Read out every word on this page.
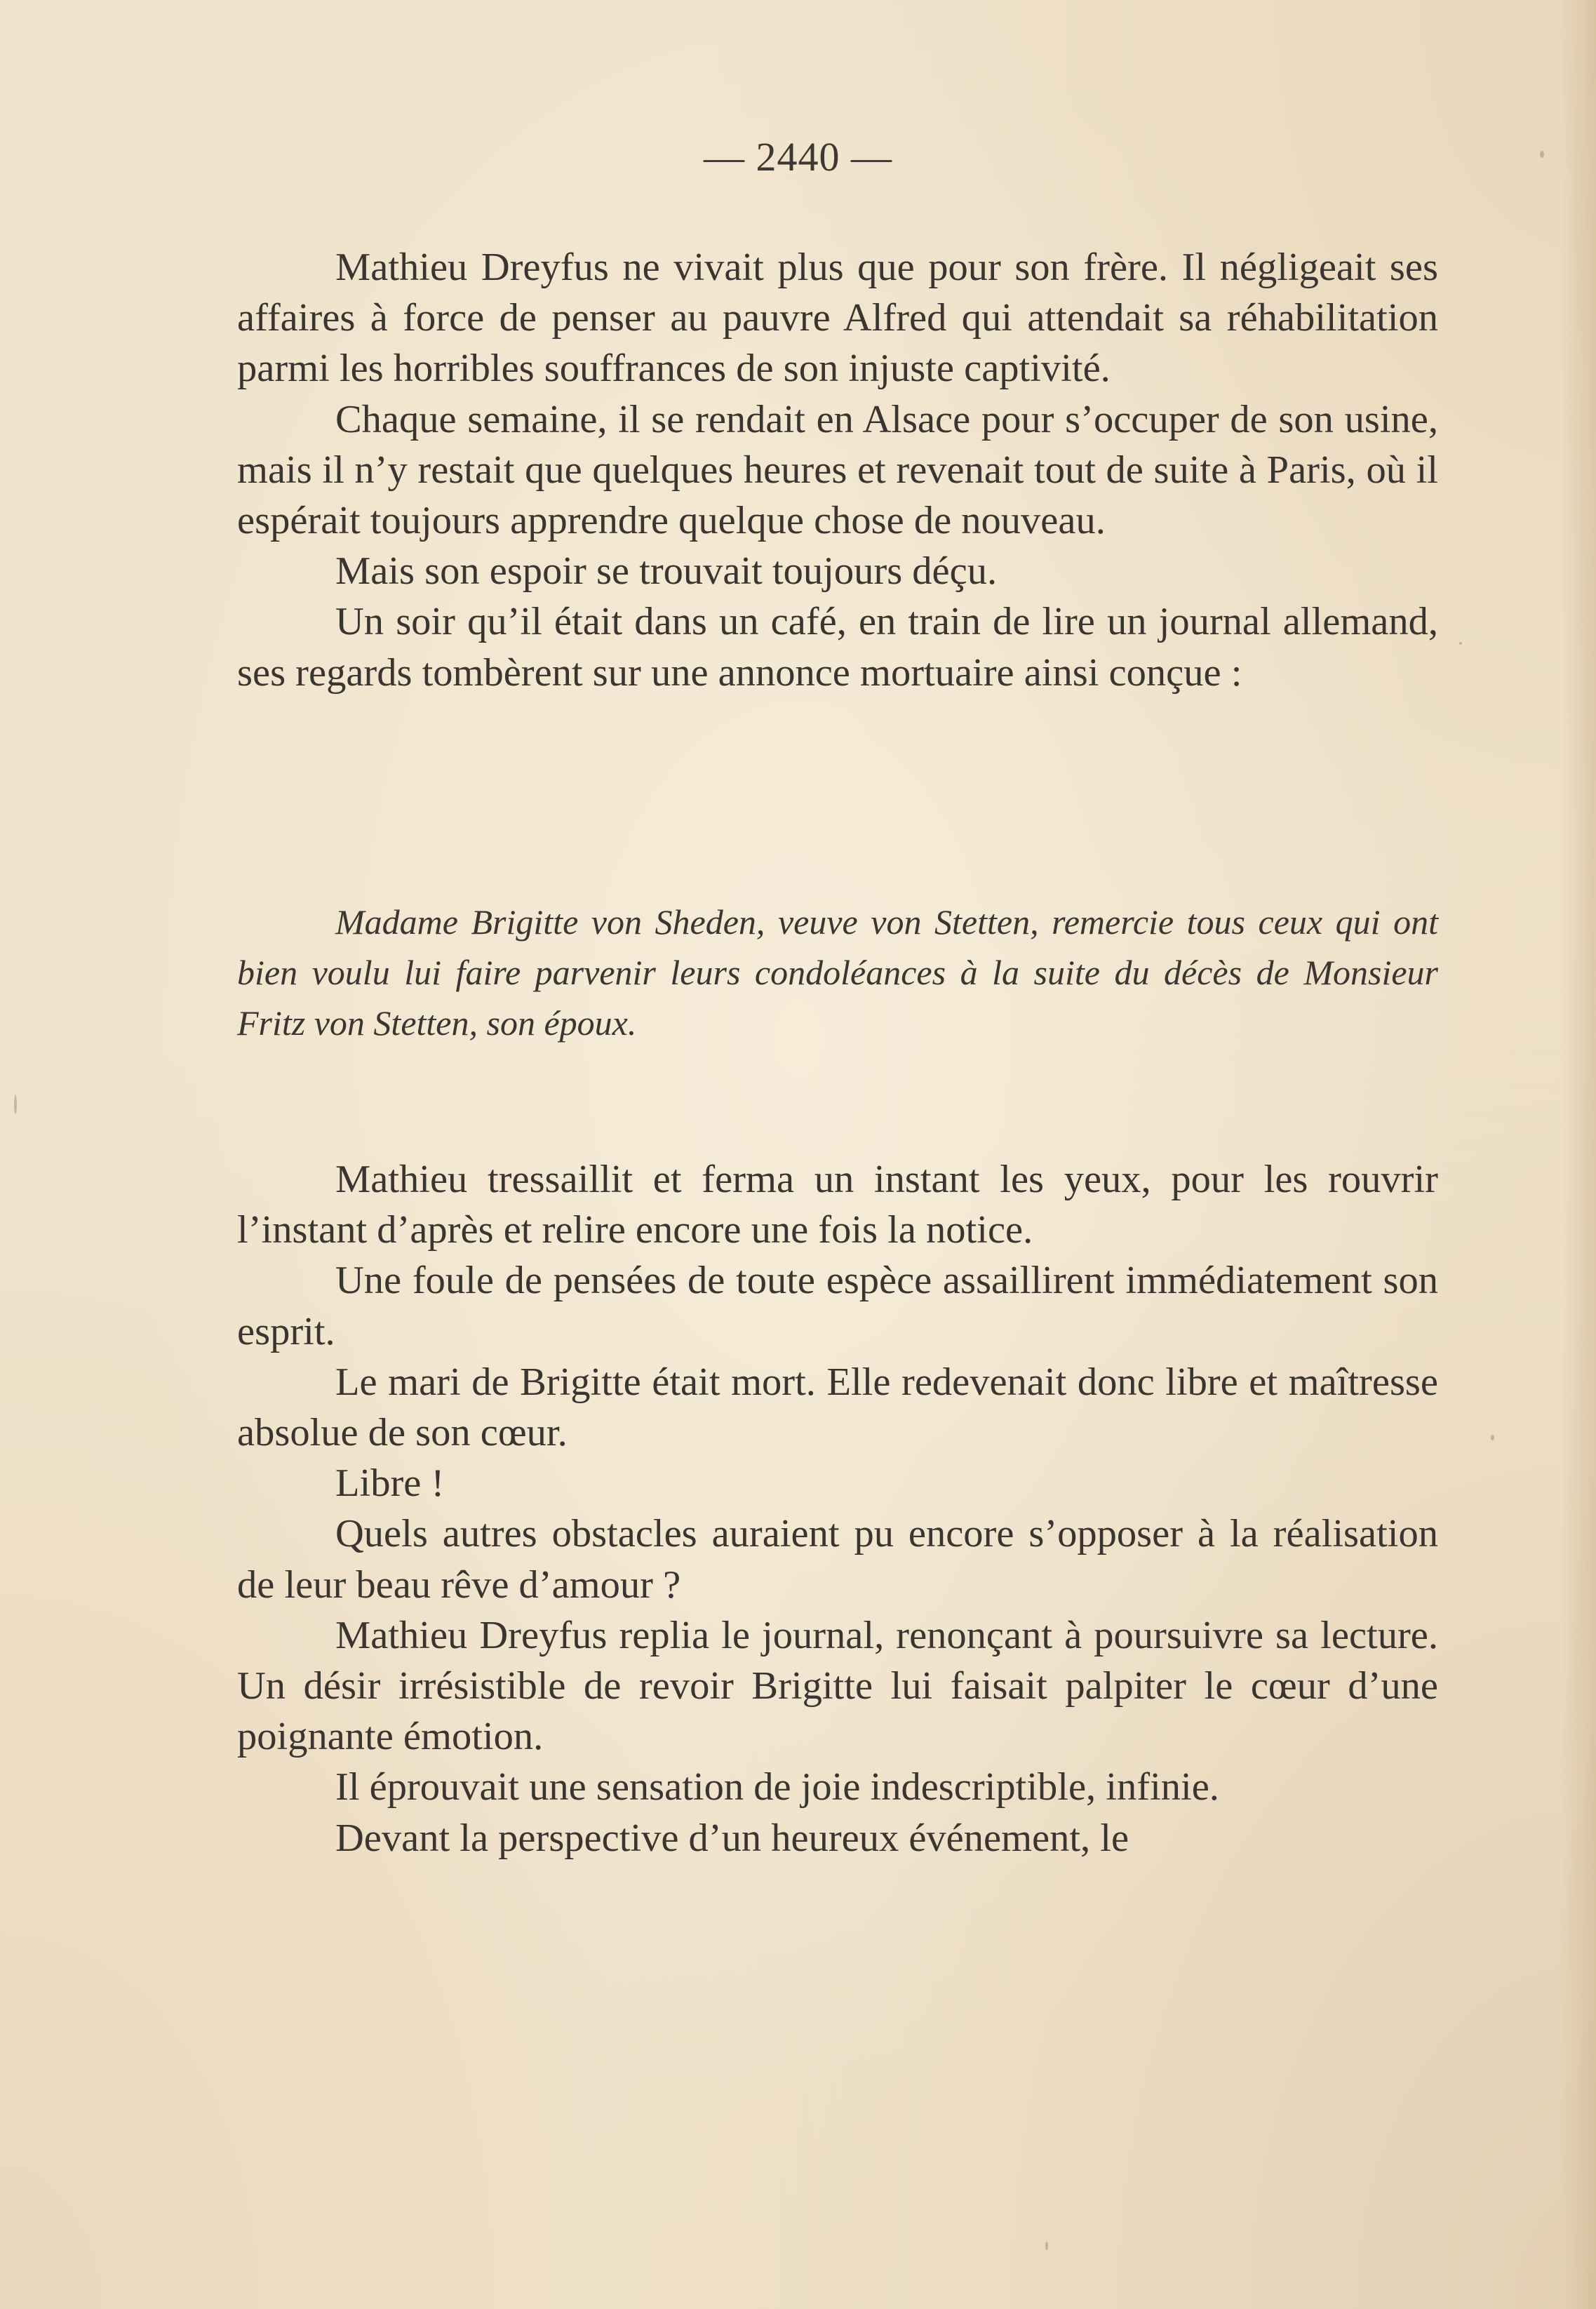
— 2440 —

Mathieu Dreyfus ne vivait plus que pour son frère. Il négligeait ses affaires à force de penser au pauvre Alfred qui attendait sa réhabilitation parmi les horribles souffrances de son injuste captivité.

Chaque semaine, il se rendait en Alsace pour s’occuper de son usine, mais il n’y restait que quelques heures et revenait tout de suite à Paris, où il espérait toujours apprendre quelque chose de nouveau.

Mais son espoir se trouvait toujours déçu.

Un soir qu’il était dans un café, en train de lire un journal allemand, ses regards tombèrent sur une annonce mortuaire ainsi conçue :

Madame Brigitte von Sheden, veuve von Stetten, remercie tous ceux qui ont bien voulu lui faire parvenir leurs condoléances à la suite du décès de Monsieur Fritz von Stetten, son époux.

Mathieu tressaillit et ferma un instant les yeux, pour les rouvrir l’instant d’après et relire encore une fois la notice.

Une foule de pensées de toute espèce assaillirent immédiatement son esprit.

Le mari de Brigitte était mort. Elle redevenait donc libre et maîtresse absolue de son cœur.

Libre !

Quels autres obstacles auraient pu encore s’opposer à la réalisation de leur beau rêve d’amour ?

Mathieu Dreyfus replia le journal, renonçant à poursuivre sa lecture. Un désir irrésistible de revoir Brigitte lui faisait palpiter le cœur d’une poignante émotion.

Il éprouvait une sensation de joie indescriptible, infinie.

Devant la perspective d’un heureux événement, le
